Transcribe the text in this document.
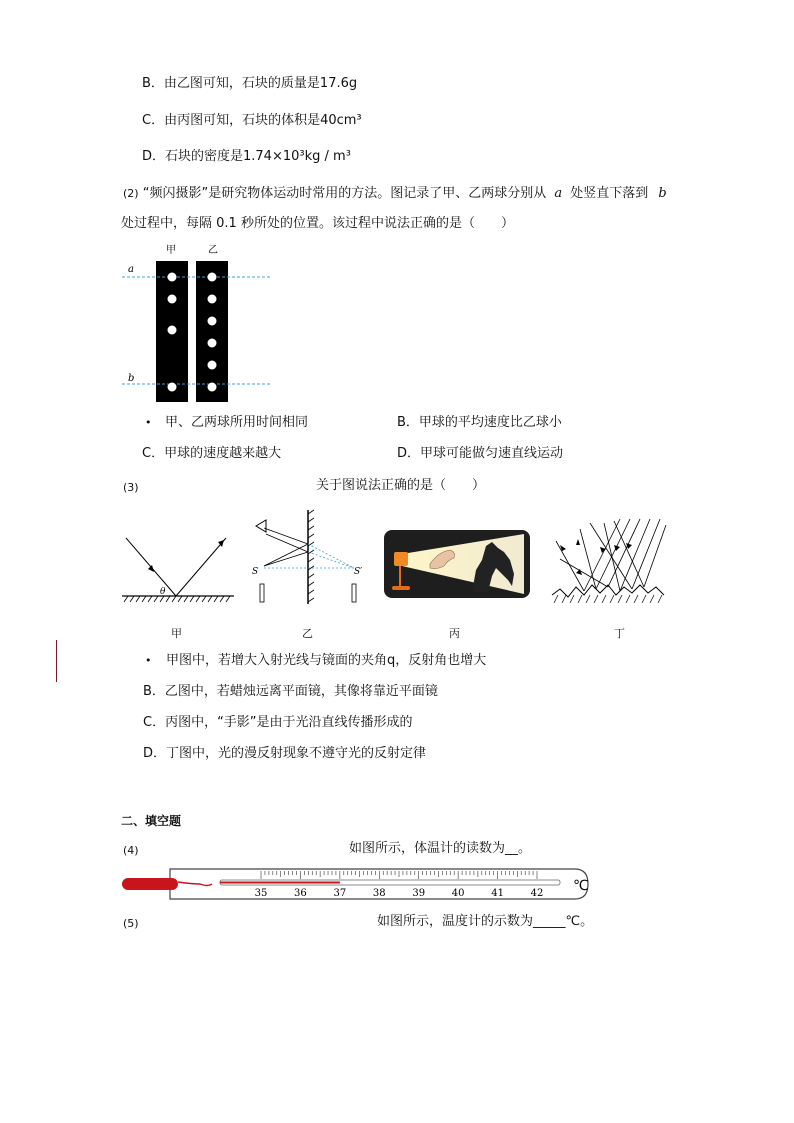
B．由乙图可知，石块的质量是17.6g
C．由丙图可知，石块的体积是40cm³
D．石块的密度是1.74×10³kg / m³
(2) “频闪摄影”是研究物体运动时常用的方法。图记录了甲、乙两球分别从 a 处竖直下落到 b
处过程中，每隔 0.1 秒所处的位置。该过程中说法正确的是（　　）
甲	乙
a
b
• 甲、乙两球所用时间相同	B．甲球的平均速度比乙球小
C．甲球的速度越来越大	D．甲球可能做匀速直线运动
(3)	关于图说法正确的是（　　）
θ
S	S′
甲	乙	丙	丁
• 甲图中，若增大入射光线与镜面的夹角q，反射角也增大
B．乙图中，若蜡烛远离平面镜，其像将靠近平面镜
C．丙图中，“手影”是由于光沿直线传播形成的
D．丁图中，光的漫反射现象不遵守光的反射定律
二、填空题
(4)	如图所示，体温计的读数为__。
35	36	37	38	39	40	41	42 ℃
(5)	如图所示，温度计的示数为_____℃。
